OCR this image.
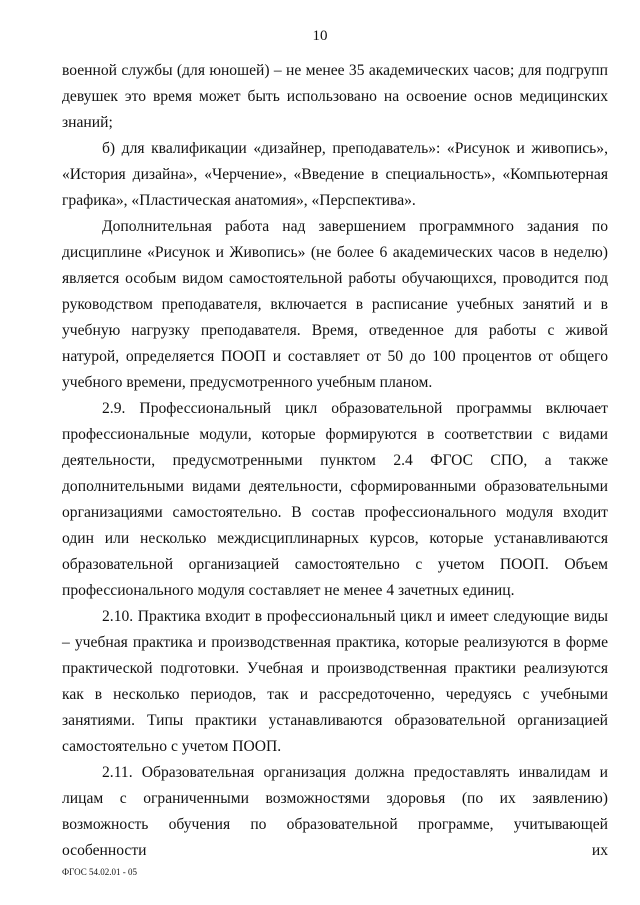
10

военной службы (для юношей) – не менее 35 академических часов; для подгрупп девушек это время может быть использовано на освоение основ медицинских знаний;

б) для квалификации «дизайнер, преподаватель»: «Рисунок и живопись», «История дизайна», «Черчение», «Введение в специальность», «Компьютерная графика», «Пластическая анатомия», «Перспектива».

Дополнительная работа над завершением программного задания по дисциплине «Рисунок и Живопись» (не более 6 академических часов в неделю) является особым видом самостоятельной работы обучающихся, проводится под руководством преподавателя, включается в расписание учебных занятий и в учебную нагрузку преподавателя. Время, отведенное для работы с живой натурой, определяется ПООП и составляет от 50 до 100 процентов от общего учебного времени, предусмотренного учебным планом.

2.9. Профессиональный цикл образовательной программы включает профессиональные модули, которые формируются в соответствии с видами деятельности, предусмотренными пунктом 2.4 ФГОС СПО, а также дополнительными видами деятельности, сформированными образовательными организациями самостоятельно. В состав профессионального модуля входит один или несколько междисциплинарных курсов, которые устанавливаются образовательной организацией самостоятельно с учетом ПООП. Объем профессионального модуля составляет не менее 4 зачетных единиц.

2.10. Практика входит в профессиональный цикл и имеет следующие виды – учебная практика и производственная практика, которые реализуются в форме практической подготовки. Учебная и производственная практики реализуются как в несколько периодов, так и рассредоточенно, чередуясь с учебными занятиями. Типы практики устанавливаются образовательной организацией самостоятельно с учетом ПООП.

2.11. Образовательная организация должна предоставлять инвалидам и лицам с ограниченными возможностями здоровья (по их заявлению) возможность обучения по образовательной программе, учитывающей особенности их

ФГОС 54.02.01 - 05
